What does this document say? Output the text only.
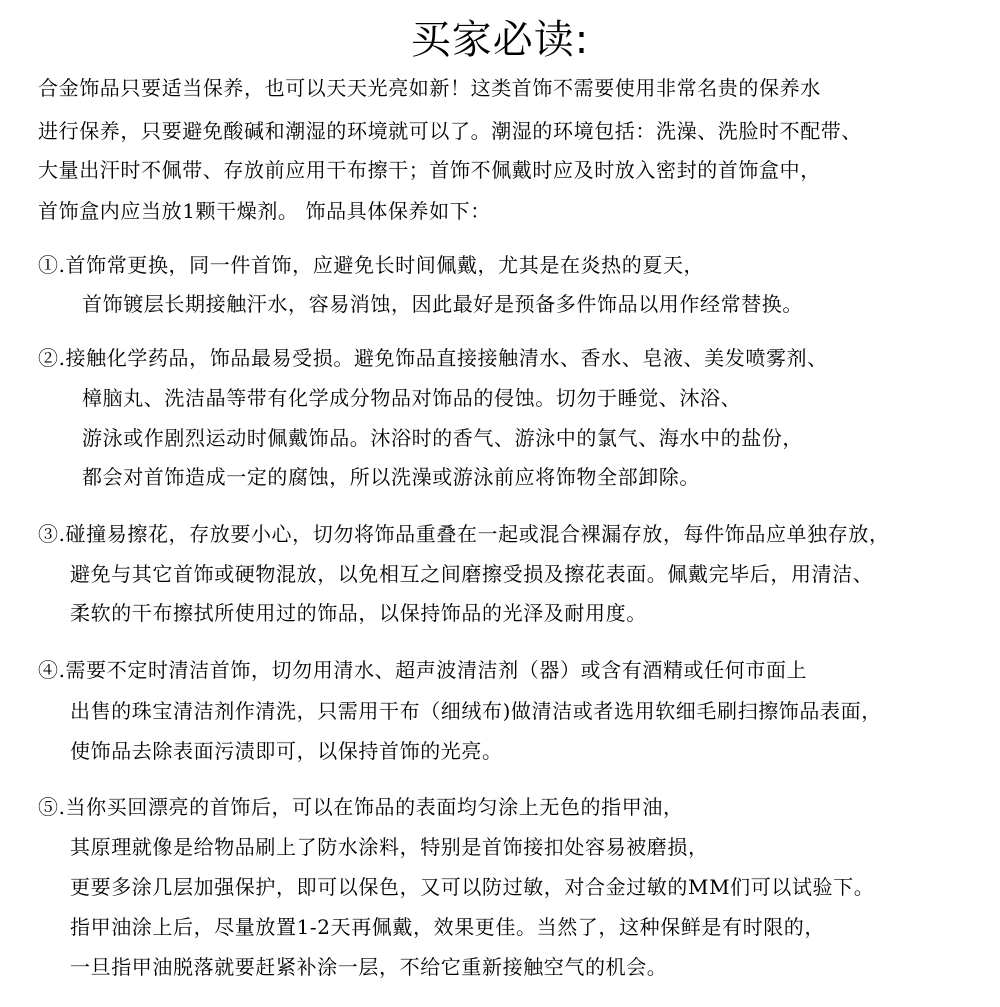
买家必读:
合金饰品只要适当保养，也可以天天光亮如新！这类首饰不需要使用非常名贵的保养水
进行保养，只要避免酸碱和潮湿的环境就可以了。潮湿的环境包括：洗澡、洗脸时不配带、
大量出汗时不佩带、存放前应用干布擦干；首饰不佩戴时应及时放入密封的首饰盒中，
首饰盒内应当放1颗干燥剂。 饰品具体保养如下：
①.首饰常更换，同一件首饰，应避免长时间佩戴，尤其是在炎热的夏天，
首饰镀层长期接触汗水，容易消蚀，因此最好是预备多件饰品以用作经常替换。
②.接触化学药品，饰品最易受损。避免饰品直接接触清水、香水、皂液、美发喷雾剂、
樟脑丸、洗洁晶等带有化学成分物品对饰品的侵蚀。切勿于睡觉、沐浴、
游泳或作剧烈运动时佩戴饰品。沐浴时的香气、游泳中的氯气、海水中的盐份，
都会对首饰造成一定的腐蚀，所以洗澡或游泳前应将饰物全部卸除。
③.碰撞易擦花，存放要小心，切勿将饰品重叠在一起或混合裸漏存放，每件饰品应单独存放，
避免与其它首饰或硬物混放，以免相互之间磨擦受损及擦花表面。佩戴完毕后，用清洁、
柔软的干布擦拭所使用过的饰品，以保持饰品的光泽及耐用度。
④.需要不定时清洁首饰，切勿用清水、超声波清洁剂（器）或含有酒精或任何市面上
出售的珠宝清洁剂作清洗，只需用干布（细绒布)做清洁或者选用软细毛刷扫擦饰品表面，
使饰品去除表面污渍即可，以保持首饰的光亮。
⑤.当你买回漂亮的首饰后，可以在饰品的表面均匀涂上无色的指甲油，
其原理就像是给物品刷上了防水涂料，特别是首饰接扣处容易被磨损，
更要多涂几层加强保护，即可以保色，又可以防过敏，对合金过敏的MM们可以试验下。
指甲油涂上后，尽量放置1-2天再佩戴，效果更佳。当然了，这种保鲜是有时限的，
一旦指甲油脱落就要赶紧补涂一层，不给它重新接触空气的机会。
